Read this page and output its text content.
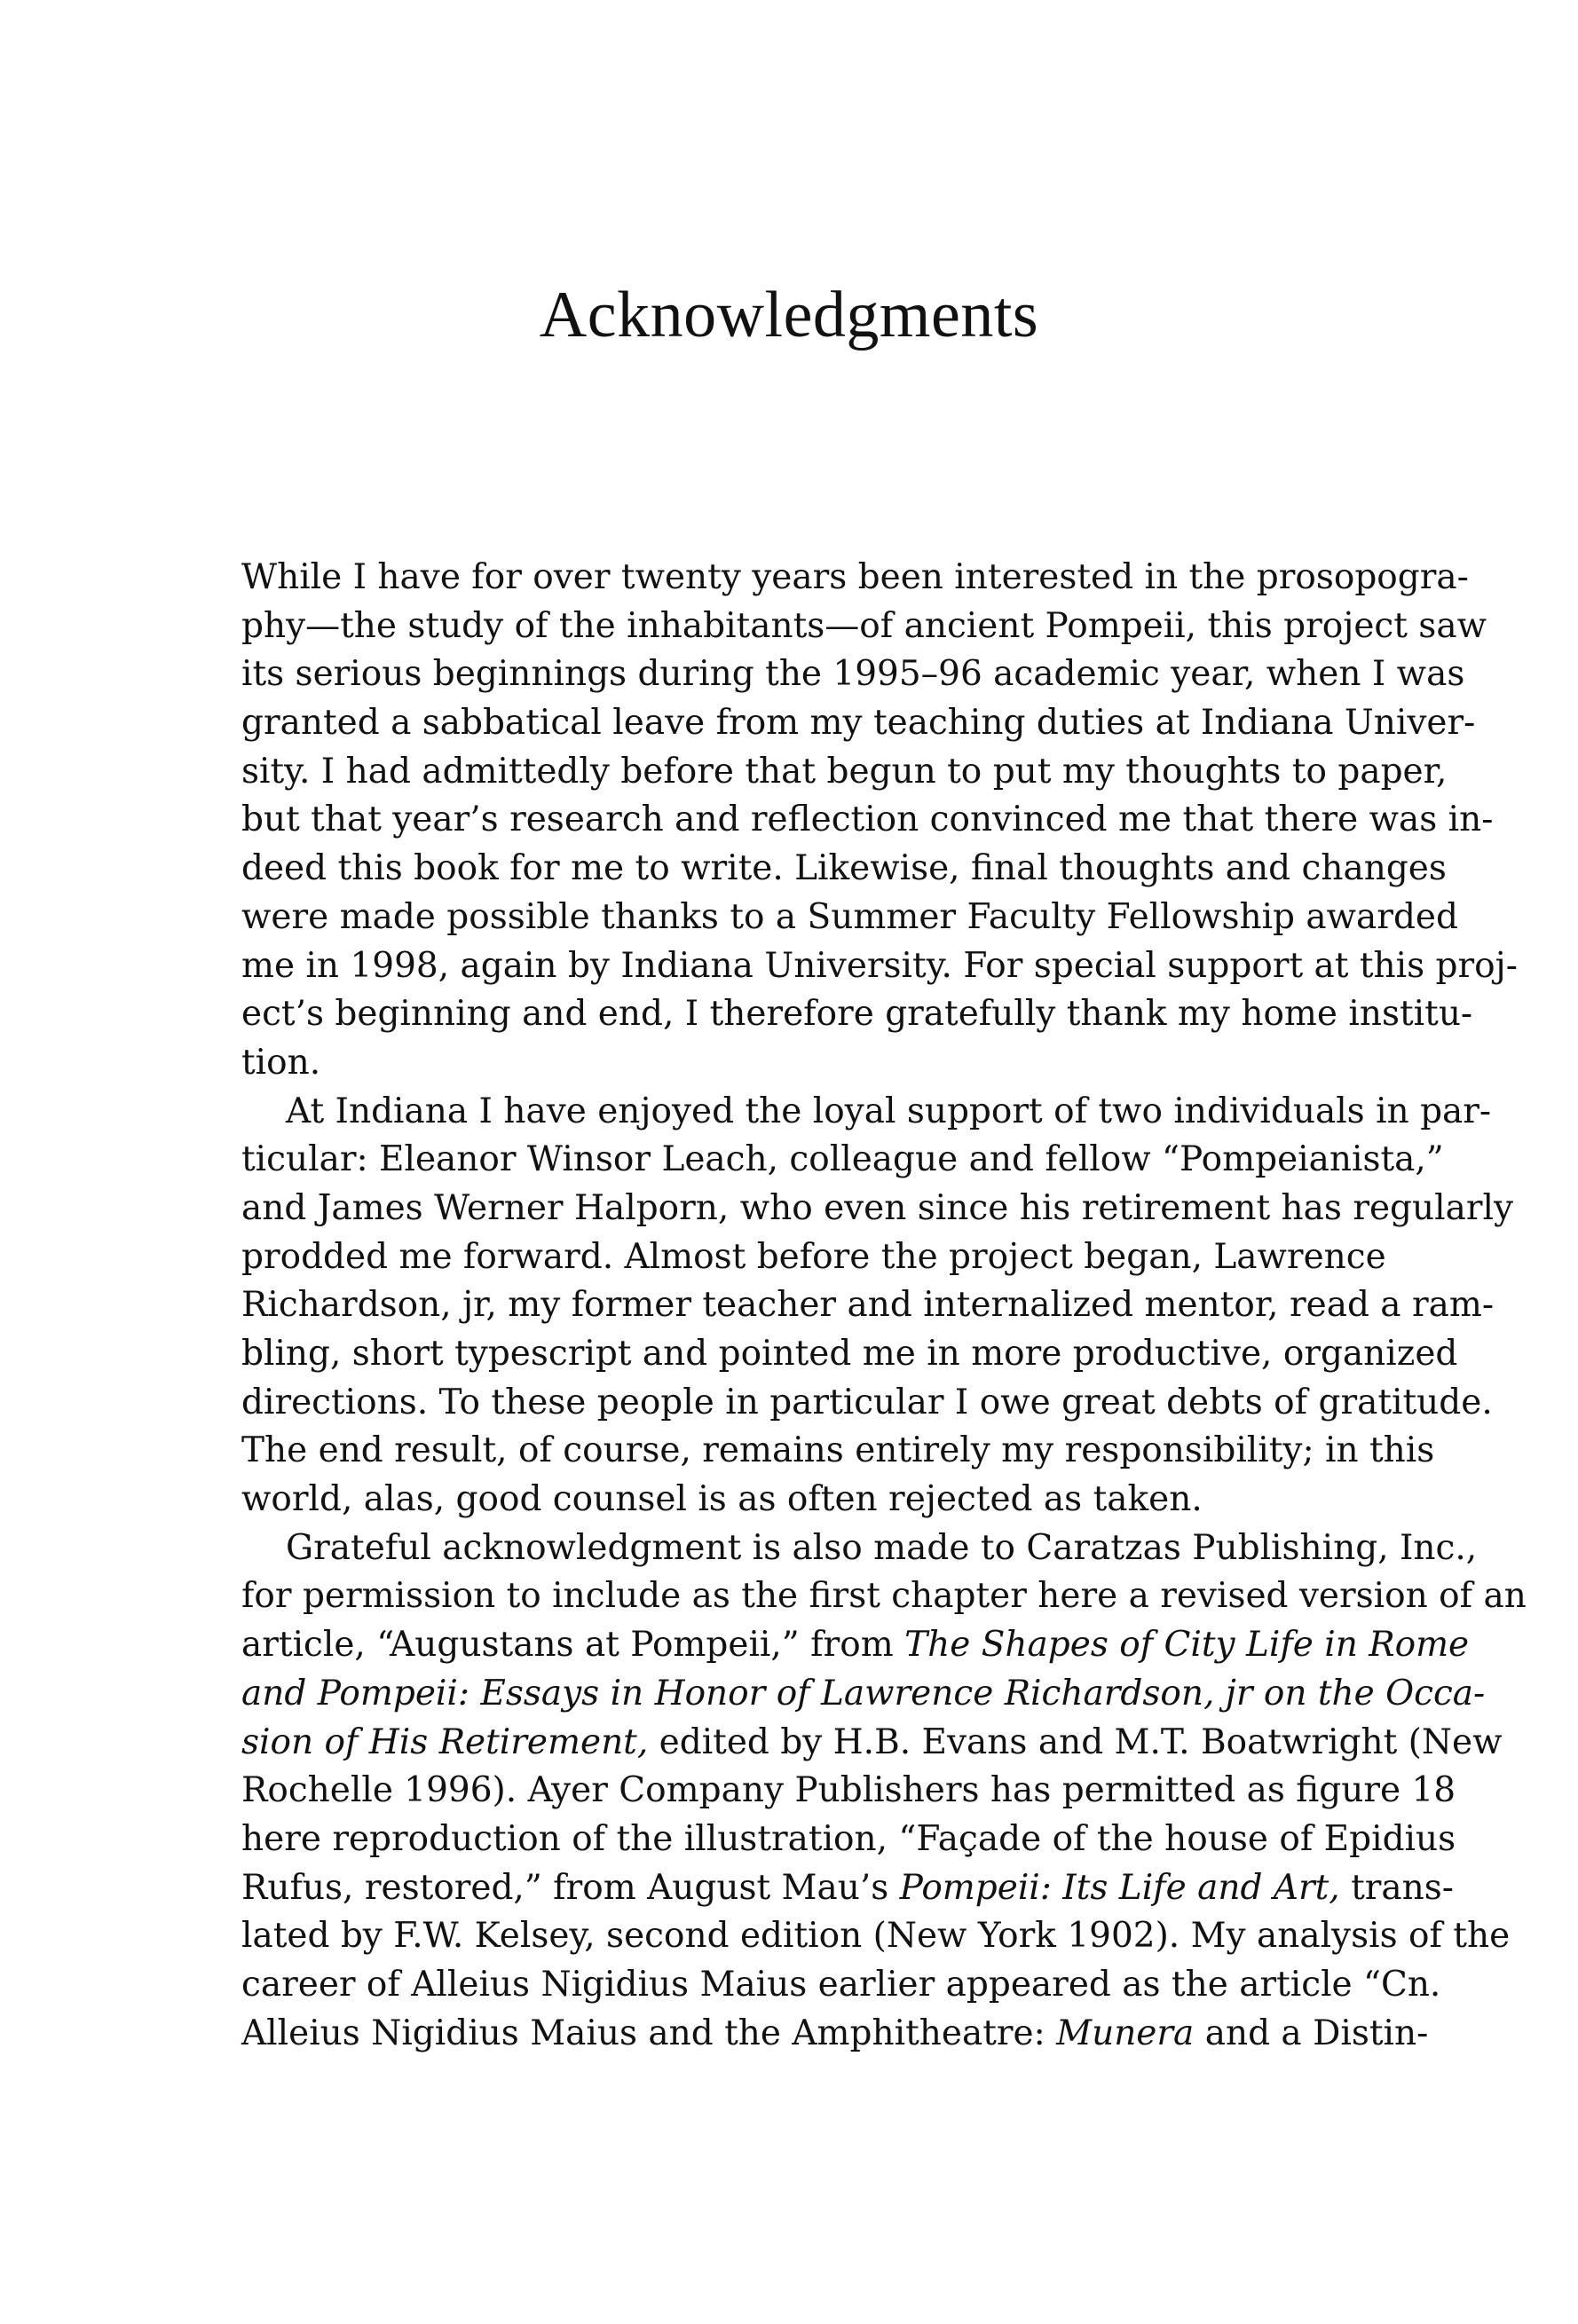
Acknowledgments
While I have for over twenty years been interested in the prosopogra-
phy—the study of the inhabitants—of ancient Pompeii, this project saw
its serious beginnings during the 1995–96 academic year, when I was
granted a sabbatical leave from my teaching duties at Indiana Univer-
sity. I had admittedly before that begun to put my thoughts to paper,
but that year’s research and reflection convinced me that there was in-
deed this book for me to write. Likewise, final thoughts and changes
were made possible thanks to a Summer Faculty Fellowship awarded
me in 1998, again by Indiana University. For special support at this proj-
ect’s beginning and end, I therefore gratefully thank my home institu-
tion.
At Indiana I have enjoyed the loyal support of two individuals in par-
ticular: Eleanor Winsor Leach, colleague and fellow “Pompeianista,”
and James Werner Halporn, who even since his retirement has regularly
prodded me forward. Almost before the project began, Lawrence
Richardson, jr, my former teacher and internalized mentor, read a ram-
bling, short typescript and pointed me in more productive, organized
directions. To these people in particular I owe great debts of gratitude.
The end result, of course, remains entirely my responsibility; in this
world, alas, good counsel is as often rejected as taken.
Grateful acknowledgment is also made to Caratzas Publishing, Inc.,
for permission to include as the first chapter here a revised version of an
article, “Augustans at Pompeii,” from The Shapes of City Life in Rome
and Pompeii: Essays in Honor of Lawrence Richardson, jr on the Occa-
sion of His Retirement, edited by H.B. Evans and M.T. Boatwright (New
Rochelle 1996). Ayer Company Publishers has permitted as figure 18
here reproduction of the illustration, “Façade of the house of Epidius
Rufus, restored,” from August Mau’s Pompeii: Its Life and Art, trans-
lated by F.W. Kelsey, second edition (New York 1902). My analysis of the
career of Alleius Nigidius Maius earlier appeared as the article “Cn.
Alleius Nigidius Maius and the Amphitheatre: Munera and a Distin-
